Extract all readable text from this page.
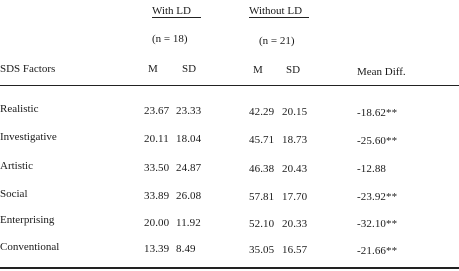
With LD	Without LD
(n = 18)	(n = 21)
SDS Factors	M SD	M SD	Mean Diff.
Realistic	23.67 23.33	42.29 20.15	-18.62**
Investigative	20.11 18.04	45.71 18.73	-25.60**
Artistic	33.50 24.87	46.38 20.43	-12.88
Social	33.89 26.08	57.81 17.70	-23.92**
Enterprising	20.00 11.92	52.10 20.33	-32.10**
Conventional	13.39 8.49	35.05 16.57	-21.66**
